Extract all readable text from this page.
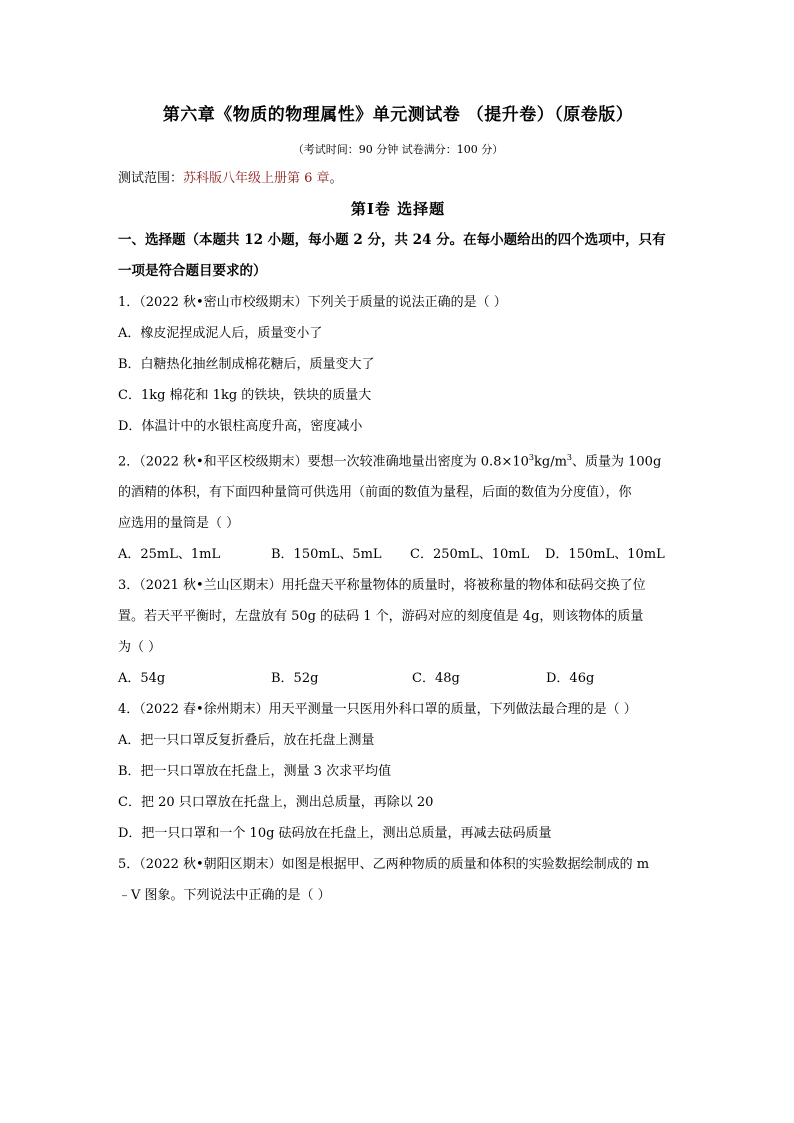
第六章《物质的物理属性》单元测试卷 （提升卷）（原卷版）
（考试时间：90 分钟 试卷满分：100 分）
测试范围：苏科版八年级上册第 6 章。
第Ⅰ卷 选择题
一、选择题（本题共 12 小题，每小题 2 分，共 24 分。在每小题给出的四个选项中，只有
一项是符合题目要求的）
1．（2022 秋•密山市校级期末）下列关于质量的说法正确的是（ ）
A．橡皮泥捏成泥人后，质量变小了
B．白糖热化抽丝制成棉花糖后，质量变大了
C．1kg 棉花和 1kg 的铁块，铁块的质量大
D．体温计中的水银柱高度升高，密度减小
2．（2022 秋•和平区校级期末）要想一次较准确地量出密度为 $0.8\times 10^3kg/m^3$、质量为 100g
的酒精的体积，有下面四种量筒可供选用（前面的数值为量程，后面的数值为分度值），你
应选用的量筒是（ ）
A．25mL、1mL	B．150mL、5mL	C．250mL、10mL	D．150mL、10mL
3．（2021 秋•兰山区期末）用托盘天平称量物体的质量时，将被称量的物体和砝码交换了位
置。若天平平衡时，左盘放有 50g 的砝码 1 个，游码对应的刻度值是 4g，则该物体的质量
为（ ）
A．54g	B．52g	C．48g	D．46g
4．（2022 春•徐州期末）用天平测量一只医用外科口罩的质量，下列做法最合理的是（ ）
A．把一只口罩反复折叠后，放在托盘上测量
B．把一只口罩放在托盘上，测量 3 次求平均值
C．把 20 只口罩放在托盘上，测出总质量，再除以 20
D．把一只口罩和一个 10g 砝码放在托盘上，测出总质量，再减去砝码质量
5．（2022 秋•朝阳区期末）如图是根据甲、乙两种物质的质量和体积的实验数据绘制成的 m
﹣V 图象。下列说法中正确的是（ ）
